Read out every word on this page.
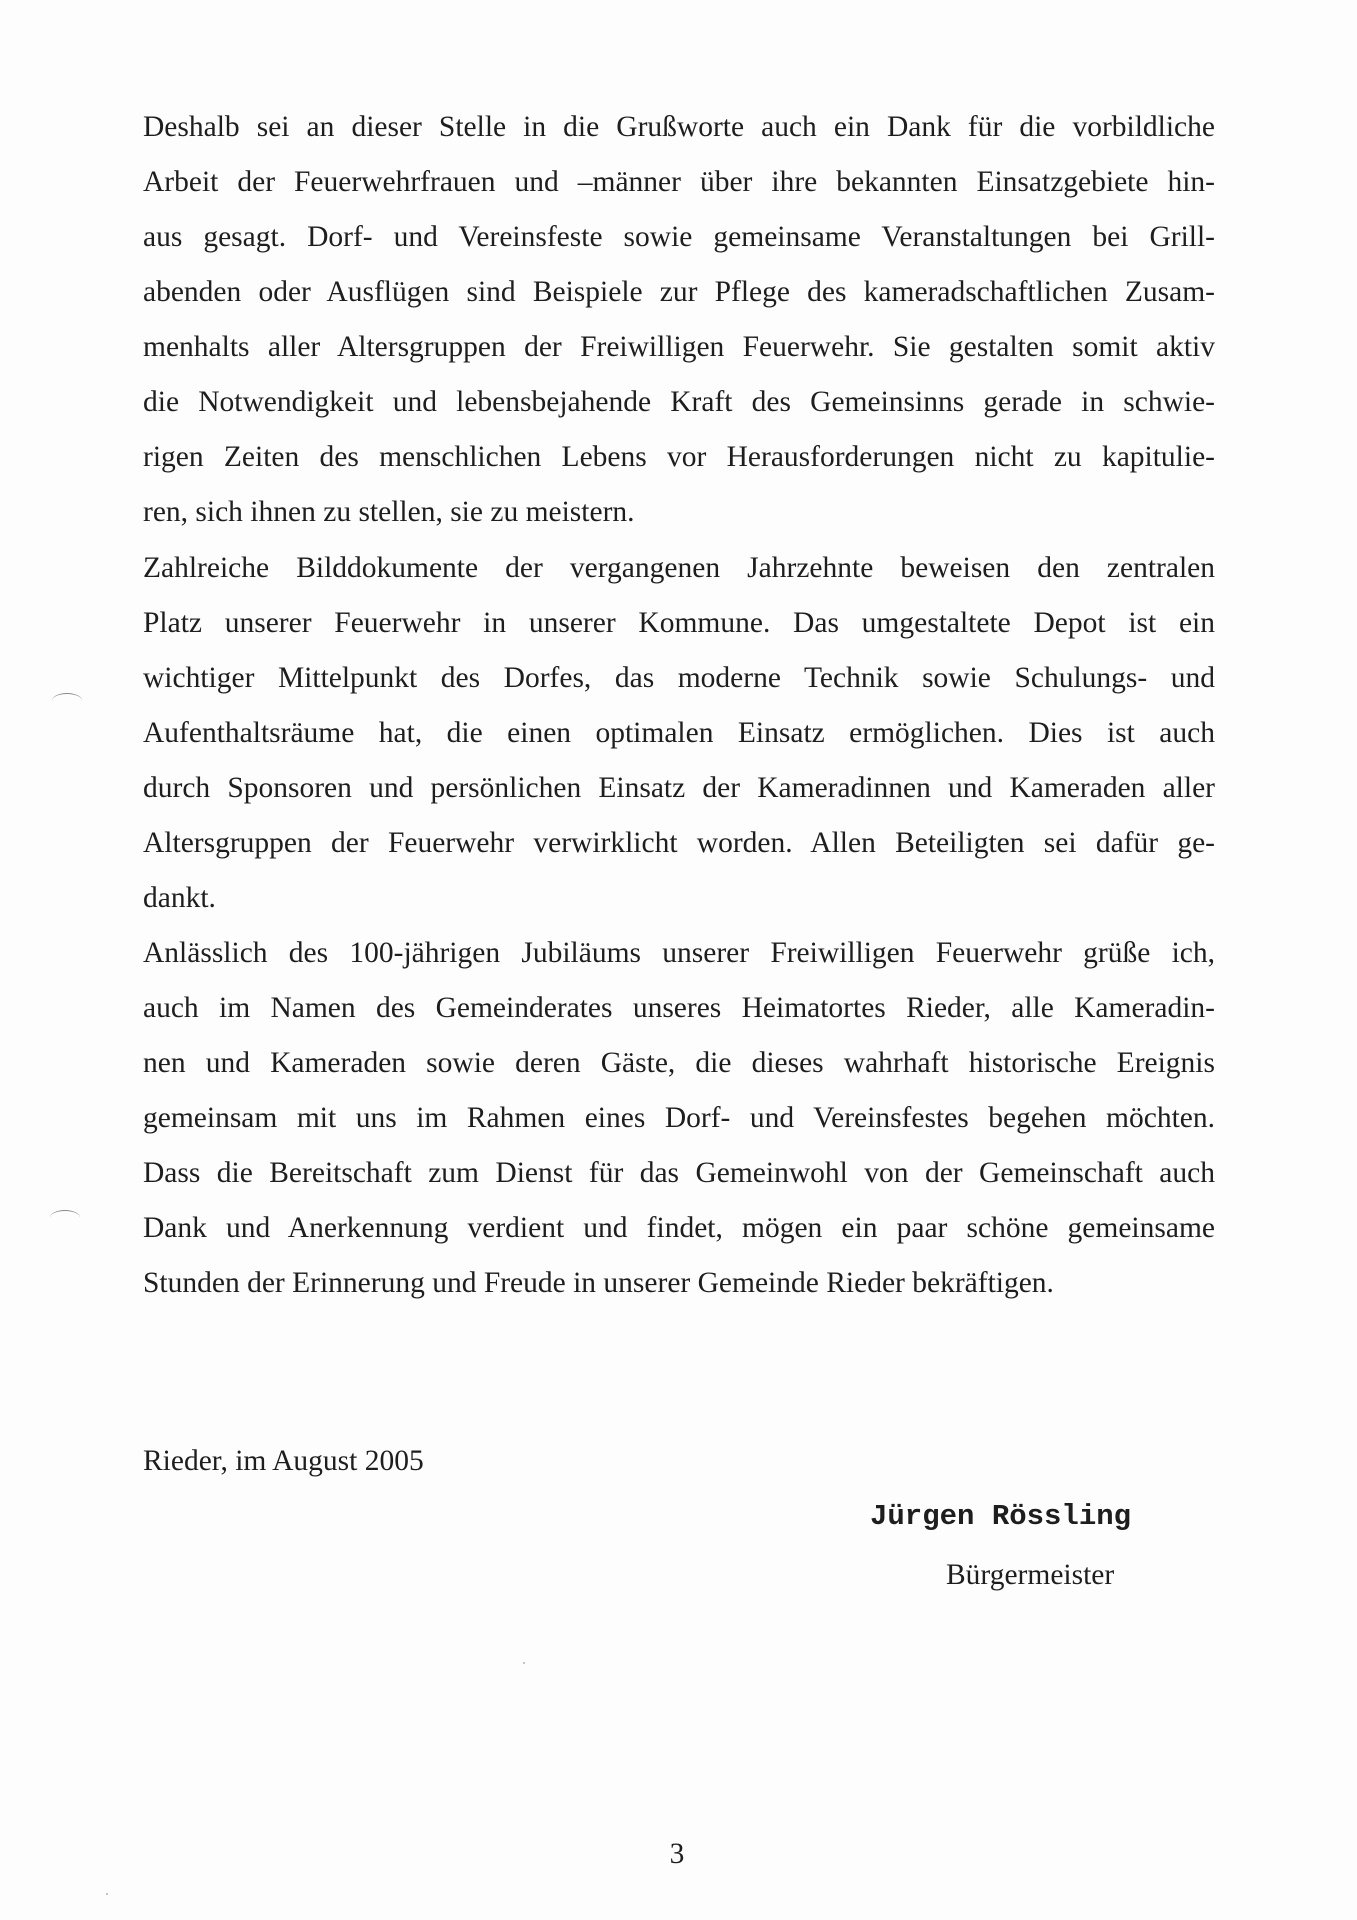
Deshalb sei an dieser Stelle in die Grußworte auch ein Dank für die vorbildliche
Arbeit der Feuerwehrfrauen und –männer über ihre bekannten Einsatzgebiete hin-
aus gesagt. Dorf- und Vereinsfeste sowie gemeinsame Veranstaltungen bei Grill-
abenden oder Ausflügen sind Beispiele zur Pflege des kameradschaftlichen Zusam-
menhalts aller Altersgruppen der Freiwilligen Feuerwehr. Sie gestalten somit aktiv
die Notwendigkeit und lebensbejahende Kraft des Gemeinsinns gerade in schwie-
rigen Zeiten des menschlichen Lebens vor Herausforderungen nicht zu kapitulie-
ren, sich ihnen zu stellen, sie zu meistern.
Zahlreiche Bilddokumente der vergangenen Jahrzehnte beweisen den zentralen
Platz unserer Feuerwehr in unserer Kommune. Das umgestaltete Depot ist ein
wichtiger Mittelpunkt des Dorfes, das moderne Technik sowie Schulungs- und
Aufenthaltsräume hat, die einen optimalen Einsatz ermöglichen. Dies ist auch
durch Sponsoren und persönlichen Einsatz der Kameradinnen und Kameraden aller
Altersgruppen der Feuerwehr verwirklicht worden. Allen Beteiligten sei dafür ge-
dankt.
Anlässlich des 100-jährigen Jubiläums unserer Freiwilligen Feuerwehr grüße ich,
auch im Namen des Gemeinderates unseres Heimatortes Rieder, alle Kameradin-
nen und Kameraden sowie deren Gäste, die dieses wahrhaft historische Ereignis
gemeinsam mit uns im Rahmen eines Dorf- und Vereinsfestes begehen möchten.
Dass die Bereitschaft zum Dienst für das Gemeinwohl von der Gemeinschaft auch
Dank und Anerkennung verdient und findet, mögen ein paar schöne gemeinsame
Stunden der Erinnerung und Freude in unserer Gemeinde Rieder bekräftigen.
Rieder, im August 2005
Jürgen Rössling
Bürgermeister
3
